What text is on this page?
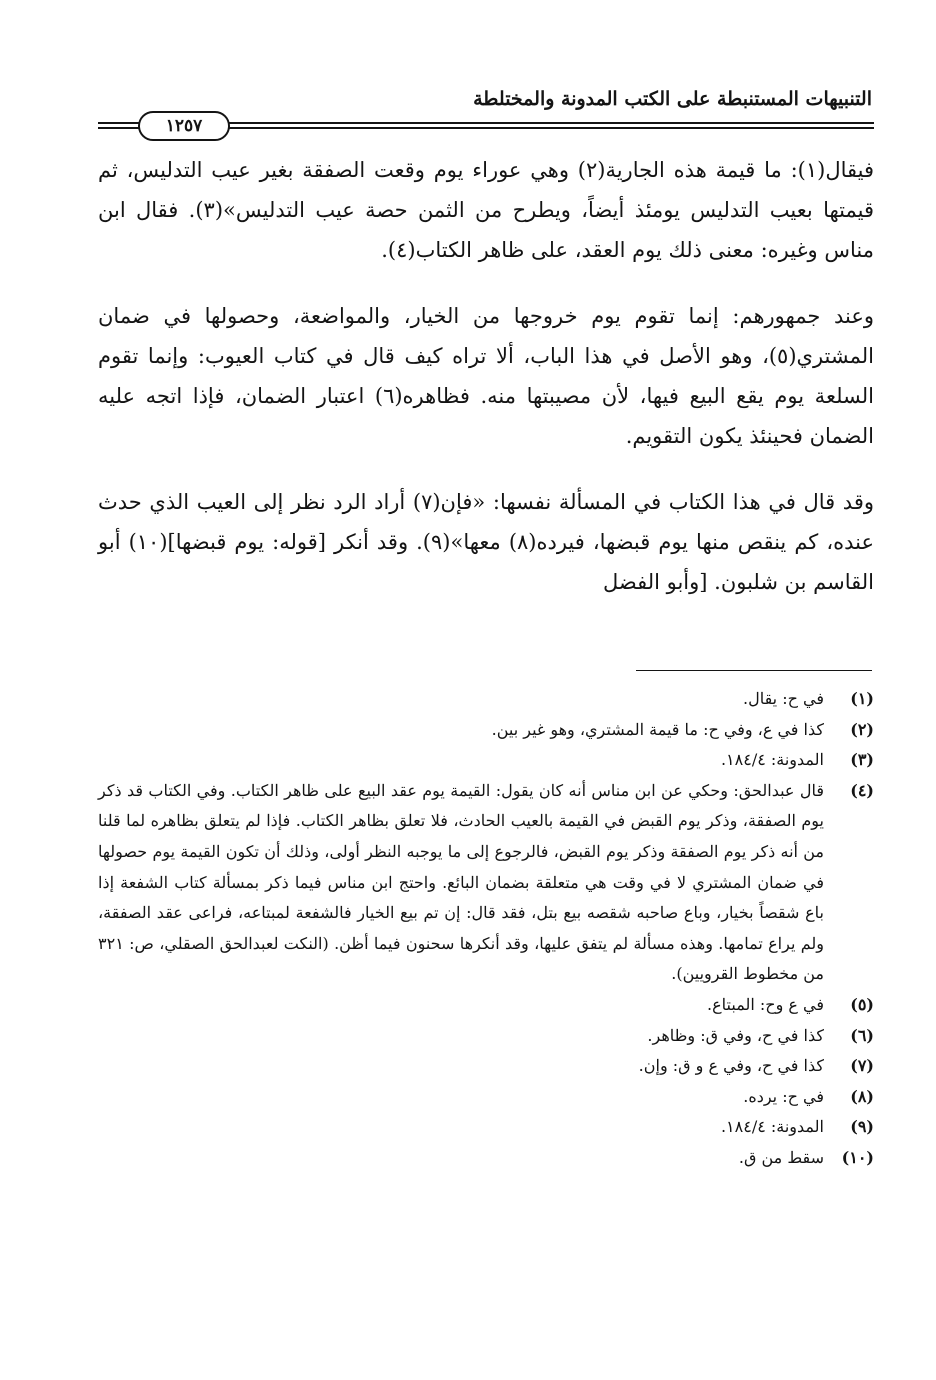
التنبيهات المستنبطة على الكتب المدونة والمختلطة
١٢٥٧

فيقال(١): ما قيمة هذه الجارية(٢) وهي عوراء يوم وقعت الصفقة بغير عيب التدليس، ثم قيمتها بعيب التدليس يومئذ أيضاً، ويطرح من الثمن حصة عيب التدليس»(٣). فقال ابن مناس وغيره: معنى ذلك يوم العقد، على ظاهر الكتاب(٤).

وعند جمهورهم: إنما تقوم يوم خروجها من الخيار، والمواضعة، وحصولها في ضمان المشتري(٥)، وهو الأصل في هذا الباب، ألا تراه كيف قال في كتاب العيوب: وإنما تقوم السلعة يوم يقع البيع فيها، لأن مصيبتها منه. فظاهره(٦) اعتبار الضمان، فإذا اتجه عليه الضمان فحينئذ يكون التقويم.

وقد قال في هذا الكتاب في المسألة نفسها: «فإن(٧) أراد الرد نظر إلى العيب الذي حدث عنده، كم ينقص منها يوم قبضها، فيرده(٨) معها»(٩). وقد أنكر [قوله: يوم قبضها](١٠) أبو القاسم بن شلبون. [وأبو الفضل

(١)
في ح: يقال.
(٢)
كذا في ع، وفي ح: ما قيمة المشتري، وهو غير بين.
(٣)
المدونة: ١٨٤/٤.
(٤)
قال عبدالحق: وحكي عن ابن مناس أنه كان يقول: القيمة يوم عقد البيع على ظاهر الكتاب. وفي الكتاب قد ذكر يوم الصفقة، وذكر يوم القبض في القيمة بالعيب الحادث، فلا تعلق بظاهر الكتاب. فإذا لم يتعلق بظاهره لما قلنا من أنه ذكر يوم الصفقة وذكر يوم القبض، فالرجوع إلى ما يوجبه النظر أولى، وذلك أن تكون القيمة يوم حصولها في ضمان المشتري لا في وقت هي متعلقة بضمان البائع. واحتج ابن مناس فيما ذكر بمسألة كتاب الشفعة إذا باع شقصاً بخيار، وباع صاحبه شقصه بيع بتل، فقد قال: إن تم بيع الخيار فالشفعة لمبتاعه، فراعى عقد الصفقة، ولم يراع تمامها. وهذه مسألة لم يتفق عليها، وقد أنكرها سحنون فيما أظن. (النكت لعبدالحق الصقلي، ص: ٣٢١ من مخطوط القرويين).
(٥)
في ع وح: المبتاع.
(٦)
كذا في ح، وفي ق: وظاهر.
(٧)
كذا في ح، وفي ع و ق: وإن.
(٨)
في ح: يرده.
(٩)
المدونة: ١٨٤/٤.
(١٠)
سقط من ق.
